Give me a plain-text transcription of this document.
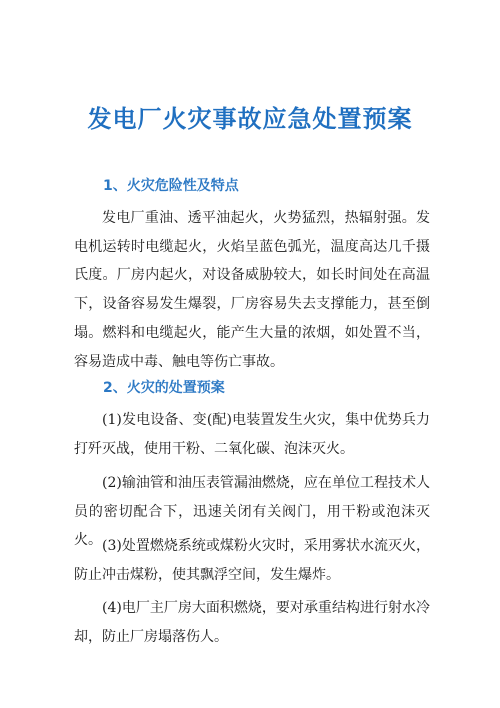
发电厂火灾事故应急处置预案
1、火灾危险性及特点

发电厂重油、透平油起火，火势猛烈，热辐射强。发电机运转时电缆起火，火焰呈蓝色弧光，温度高达几千摄氏度。厂房内起火，对设备威胁较大，如长时间处在高温下，设备容易发生爆裂，厂房容易失去支撑能力，甚至倒塌。燃料和电缆起火，能产生大量的浓烟，如处置不当，容易造成中毒、触电等伤亡事故。

2、火灾的处置预案

(1)发电设备、变(配)电装置发生火灾，集中优势兵力打歼灭战，使用干粉、二氧化碳、泡沫灭火。

(2)输油管和油压表管漏油燃烧，应在单位工程技术人员的密切配合下，迅速关闭有关阀门，用干粉或泡沫灭火。 (3)处置燃烧系统或煤粉火灾时，采用雾状水流灭火，防止冲击煤粉，使其飘浮空间，发生爆炸。

(4)电厂主厂房大面积燃烧，要对承重结构进行射水冷却，防止厂房塌落伤人。
